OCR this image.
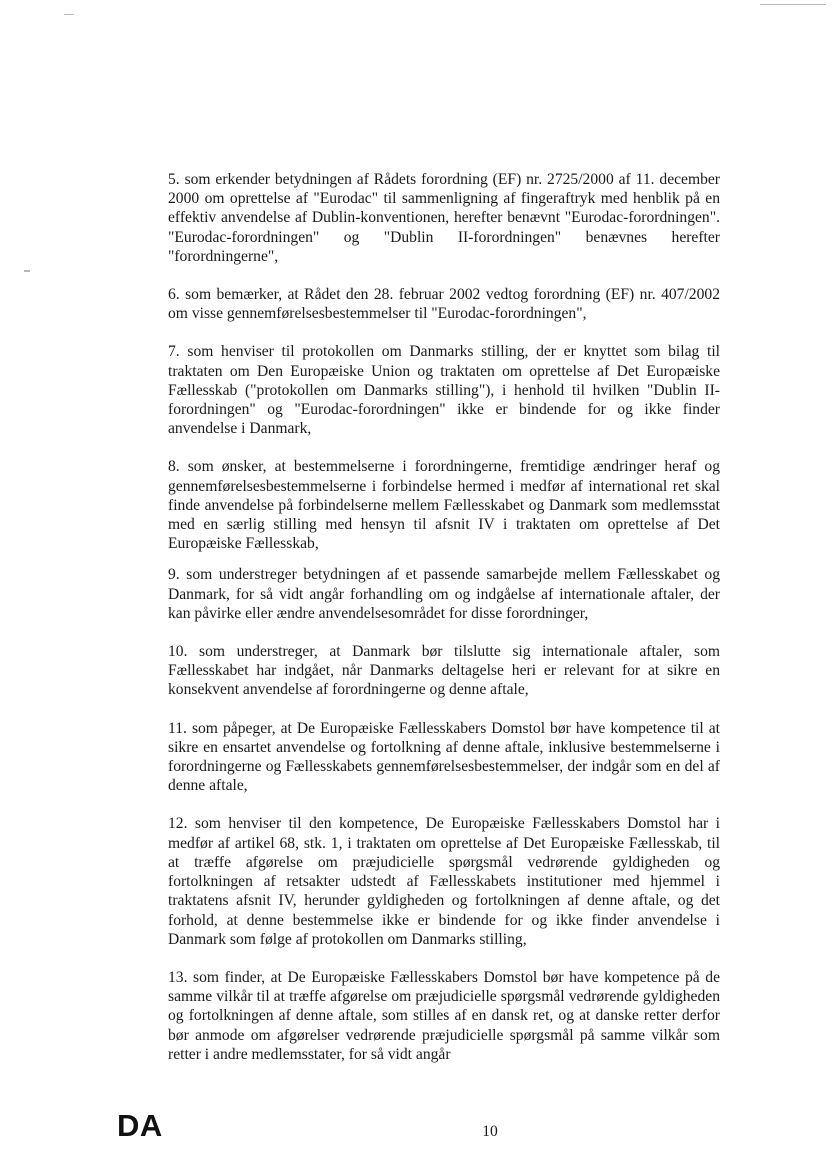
5. som erkender betydningen af Rådets forordning (EF) nr. 2725/2000 af 11. december 2000 om oprettelse af "Eurodac" til sammenligning af fingeraftryk med henblik på en effektiv anvendelse af Dublin-konventionen, herefter benævnt "Eurodac-forordningen". "Eurodac-forordningen" og "Dublin II-forordningen" benævnes herefter "forordningerne",

6. som bemærker, at Rådet den 28. februar 2002 vedtog forordning (EF) nr. 407/2002 om visse gennemførelsesbestemmelser til "Eurodac-forordningen",

7. som henviser til protokollen om Danmarks stilling, der er knyttet som bilag til traktaten om Den Europæiske Union og traktaten om oprettelse af Det Europæiske Fællesskab ("protokollen om Danmarks stilling"), i henhold til hvilken "Dublin II-forordningen" og "Eurodac-forordningen" ikke er bindende for og ikke finder anvendelse i Danmark,

8. som ønsker, at bestemmelserne i forordningerne, fremtidige ændringer heraf og gennemførelsesbestemmelserne i forbindelse hermed i medfør af international ret skal finde anvendelse på forbindelserne mellem Fællesskabet og Danmark som medlemsstat med en særlig stilling med hensyn til afsnit IV i traktaten om oprettelse af Det Europæiske Fællesskab,

9. som understreger betydningen af et passende samarbejde mellem Fællesskabet og Danmark, for så vidt angår forhandling om og indgåelse af internationale aftaler, der kan påvirke eller ændre anvendelsesområdet for disse forordninger,

10. som understreger, at Danmark bør tilslutte sig internationale aftaler, som Fællesskabet har indgået, når Danmarks deltagelse heri er relevant for at sikre en konsekvent anvendelse af forordningerne og denne aftale,

11. som påpeger, at De Europæiske Fællesskabers Domstol bør have kompetence til at sikre en ensartet anvendelse og fortolkning af denne aftale, inklusive bestemmelserne i forordningerne og Fællesskabets gennemførelsesbestemmelser, der indgår som en del af denne aftale,

12. som henviser til den kompetence, De Europæiske Fællesskabers Domstol har i medfør af artikel 68, stk. 1, i traktaten om oprettelse af Det Europæiske Fællesskab, til at træffe afgørelse om præjudicielle spørgsmål vedrørende gyldigheden og fortolkningen af retsakter udstedt af Fællesskabets institutioner med hjemmel i traktatens afsnit IV, herunder gyldigheden og fortolkningen af denne aftale, og det forhold, at denne bestemmelse ikke er bindende for og ikke finder anvendelse i Danmark som følge af protokollen om Danmarks stilling,

13. som finder, at De Europæiske Fællesskabers Domstol bør have kompetence på de samme vilkår til at træffe afgørelse om præjudicielle spørgsmål vedrørende gyldigheden og fortolkningen af denne aftale, som stilles af en dansk ret, og at danske retter derfor bør anmode om afgørelser vedrørende præjudicielle spørgsmål på samme vilkår som retter i andre medlemsstater, for så vidt angår

DA	10
